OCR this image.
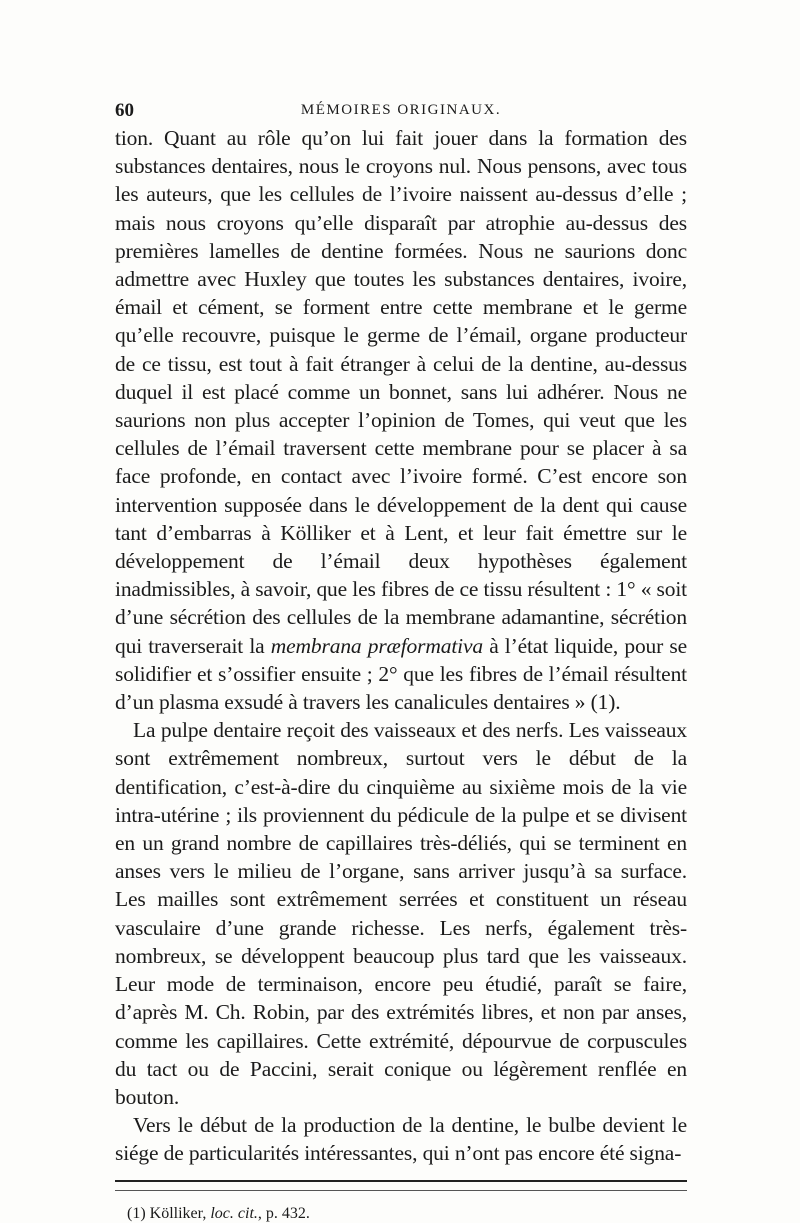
60	MÉMOIRES ORIGINAUX.

tion. Quant au rôle qu’on lui fait jouer dans la formation des substances dentaires, nous le croyons nul. Nous pensons, avec tous les auteurs, que les cellules de l’ivoire naissent au-dessus d’elle ; mais nous croyons qu’elle disparaît par atrophie au-dessus des premières lamelles de dentine formées. Nous ne saurions donc admettre avec Huxley que toutes les substances dentaires, ivoire, émail et cément, se forment entre cette membrane et le germe qu’elle recouvre, puisque le germe de l’émail, organe producteur de ce tissu, est tout à fait étranger à celui de la dentine, au-dessus duquel il est placé comme un bonnet, sans lui adhérer. Nous ne saurions non plus accepter l’opinion de Tomes, qui veut que les cellules de l’émail traversent cette membrane pour se placer à sa face profonde, en contact avec l’ivoire formé. C’est encore son intervention supposée dans le développement de la dent qui cause tant d’embarras à Kölliker et à Lent, et leur fait émettre sur le développement de l’émail deux hypothèses également inadmissibles, à savoir, que les fibres de ce tissu résultent : 1° « soit d’une sécrétion des cellules de la membrane adamantine, sécrétion qui traverserait la membrana præformativa à l’état liquide, pour se solidifier et s’ossifier ensuite ; 2° que les fibres de l’émail résultent d’un plasma exsudé à travers les canalicules dentaires » (1).

La pulpe dentaire reçoit des vaisseaux et des nerfs. Les vaisseaux sont extrêmement nombreux, surtout vers le début de la dentification, c’est-à-dire du cinquième au sixième mois de la vie intra-utérine ; ils proviennent du pédicule de la pulpe et se divisent en un grand nombre de capillaires très-déliés, qui se terminent en anses vers le milieu de l’organe, sans arriver jusqu’à sa surface. Les mailles sont extrêmement serrées et constituent un réseau vasculaire d’une grande richesse. Les nerfs, également très-nombreux, se développent beaucoup plus tard que les vaisseaux. Leur mode de terminaison, encore peu étudié, paraît se faire, d’après M. Ch. Robin, par des extrémités libres, et non par anses, comme les capillaires. Cette extrémité, dépourvue de corpuscules du tact ou de Paccini, serait conique ou légèrement renflée en bouton.

Vers le début de la production de la dentine, le bulbe devient le siége de particularités intéressantes, qui n’ont pas encore été signa-

(1) Kölliker, loc. cit., p. 432.
